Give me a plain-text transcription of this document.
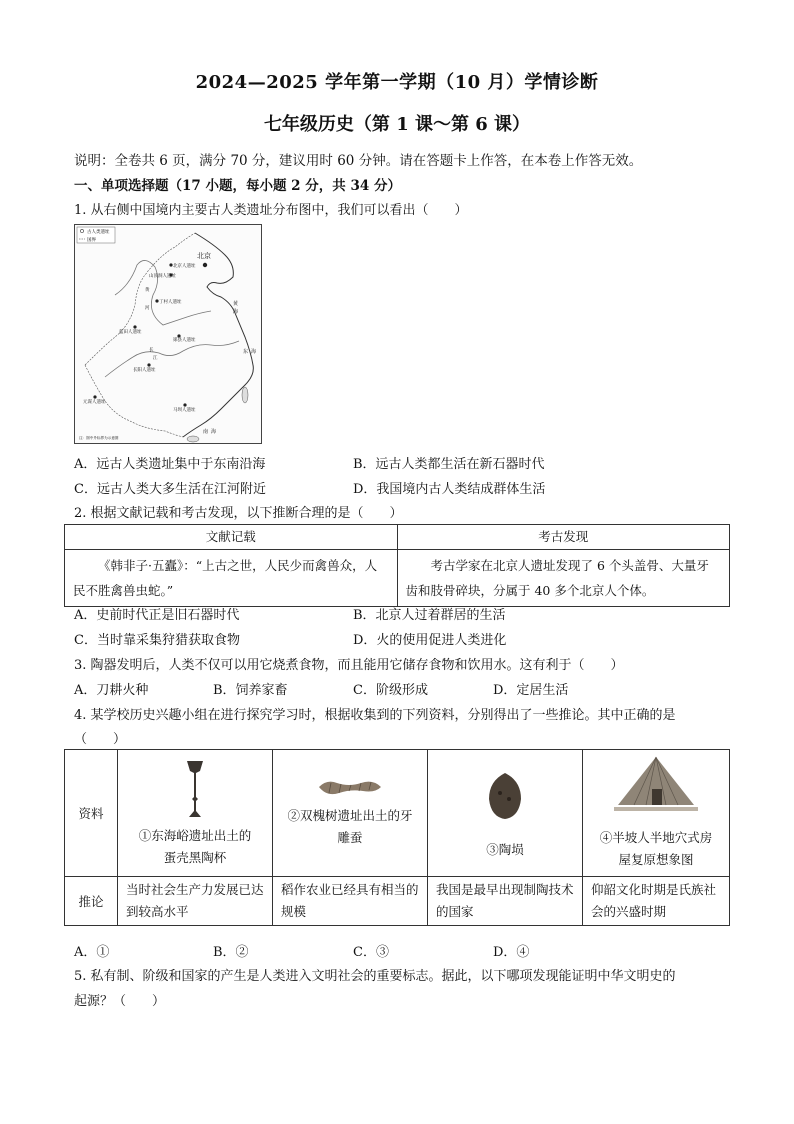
2024—2025 学年第一学期（10 月）学情诊断
七年级历史（第 1 课～第 6 课）
说明：全卷共 6 页，满分 70 分，建议用时 60 分钟。请在答题卡上作答，在本卷上作答无效。
一、单项选择题（17 小题，每小题 2 分，共 34 分）
1. 从右侧中国境内主要古人类遗址分布图中，我们可以看出（　　）
古人类遗址
国界
北京
北京人遗址
山顶洞人遗址
丁村人遗址
蓝田人遗址
郧县人遗址
长阳人遗址
元谋人遗址
马坝人遗址
黄
河
长
江
黄
海
东 海
南 海
注：图中外标界为示意图
A．远古人类遗址集中于东南沿海	B．远古人类都生活在新石器时代
C．远古人类大多生活在江河附近	D．我国境内古人类结成群体生活
2. 根据文献记载和考古发现，以下推断合理的是（　　）
文献记载	考古发现
《韩非子·五蠹》：“上古之世，人民少而禽兽众，人民不胜禽兽虫蛇。”	考古学家在北京人遗址发现了 6 个头盖骨、大量牙齿和肢骨碎块，分属于 40 多个北京人个体。
A．史前时代正是旧石器时代	B．北京人过着群居的生活
C．当时靠采集狩猎获取食物	D．火的使用促进人类进化
3. 陶器发明后，人类不仅可以用它烧煮食物，而且能用它储存食物和饮用水。这有利于（　　）
A．刀耕火种	B．饲养家畜	C．阶级形成	D．定居生活
4. 某学校历史兴趣小组在进行探究学习时，根据收集到的下列资料，分别得出了一些推论。其中正确的是
（　　）
资料	①东海峪遗址出土的蛋壳黑陶杯	②双槐树遗址出土的牙雕蚕	③陶埙	④半坡人半地穴式房屋复原想象图

推论	当时社会生产力发展已达到较高水平	稻作农业已经具有相当的规模	我国是最早出现制陶技术的国家	仰韶文化时期是氏族社会的兴盛时期
A．①	B．②	C．③	D．④
5. 私有制、阶级和国家的产生是人类进入文明社会的重要标志。据此，以下哪项发现能证明中华文明史的
起源？（　　）
